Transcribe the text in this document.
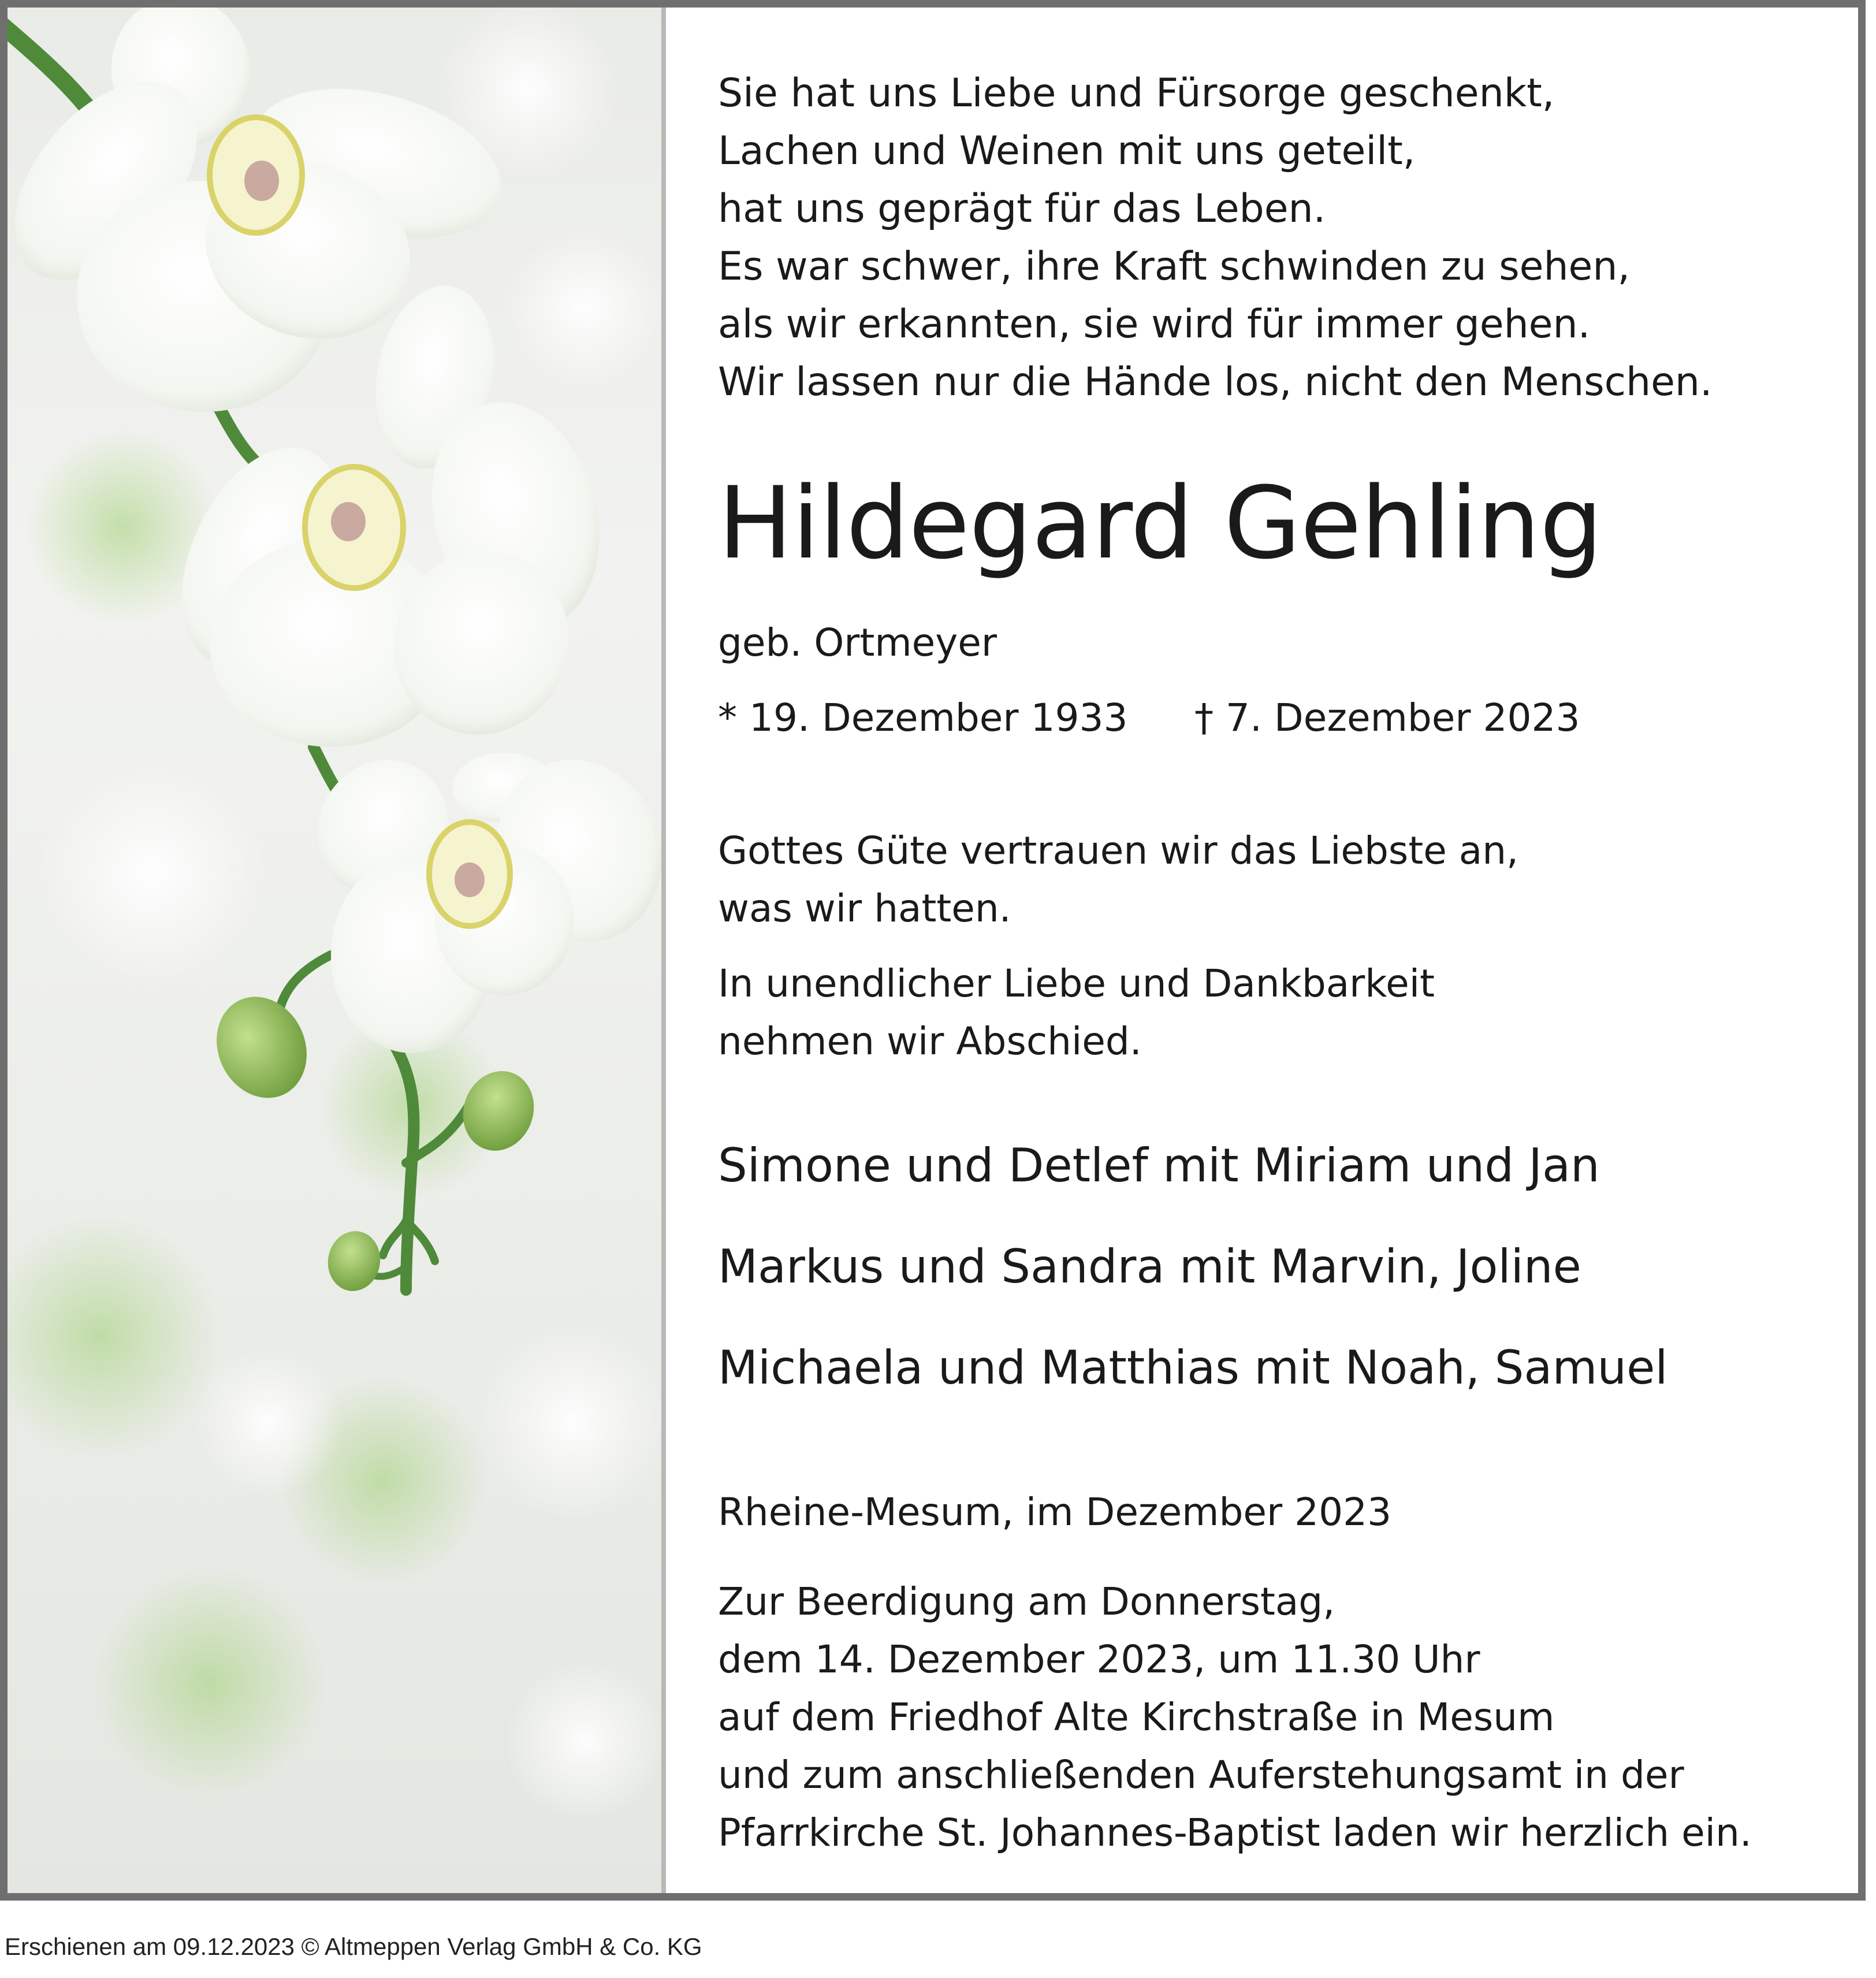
Sie hat uns Liebe und Fürsorge geschenkt,

Lachen und Weinen mit uns geteilt,

hat uns geprägt für das Leben.

Es war schwer, ihre Kraft schwinden zu sehen,

als wir erkannten, sie wird für immer gehen.

Wir lassen nur die Hände los, nicht den Menschen.

Hildegard Gehling

geb. Ortmeyer

* 19. Dezember 1933 † 7. Dezember 2023

Gottes Güte vertrauen wir das Liebste an,

was wir hatten.

In unendlicher Liebe und Dankbarkeit

nehmen wir Abschied.

Simone und Detlef mit Miriam und Jan

Markus und Sandra mit Marvin, Joline

Michaela und Matthias mit Noah, Samuel

Rheine-Mesum, im Dezember 2023

Zur Beerdigung am Donnerstag,

dem 14. Dezember 2023, um 11.30 Uhr

auf dem Friedhof Alte Kirchstraße in Mesum

und zum anschließenden Auferstehungsamt in der

Pfarrkirche St. Johannes-Baptist laden wir herzlich ein.

Erschienen am 09.12.2023 © Altmeppen Verlag GmbH & Co. KG
